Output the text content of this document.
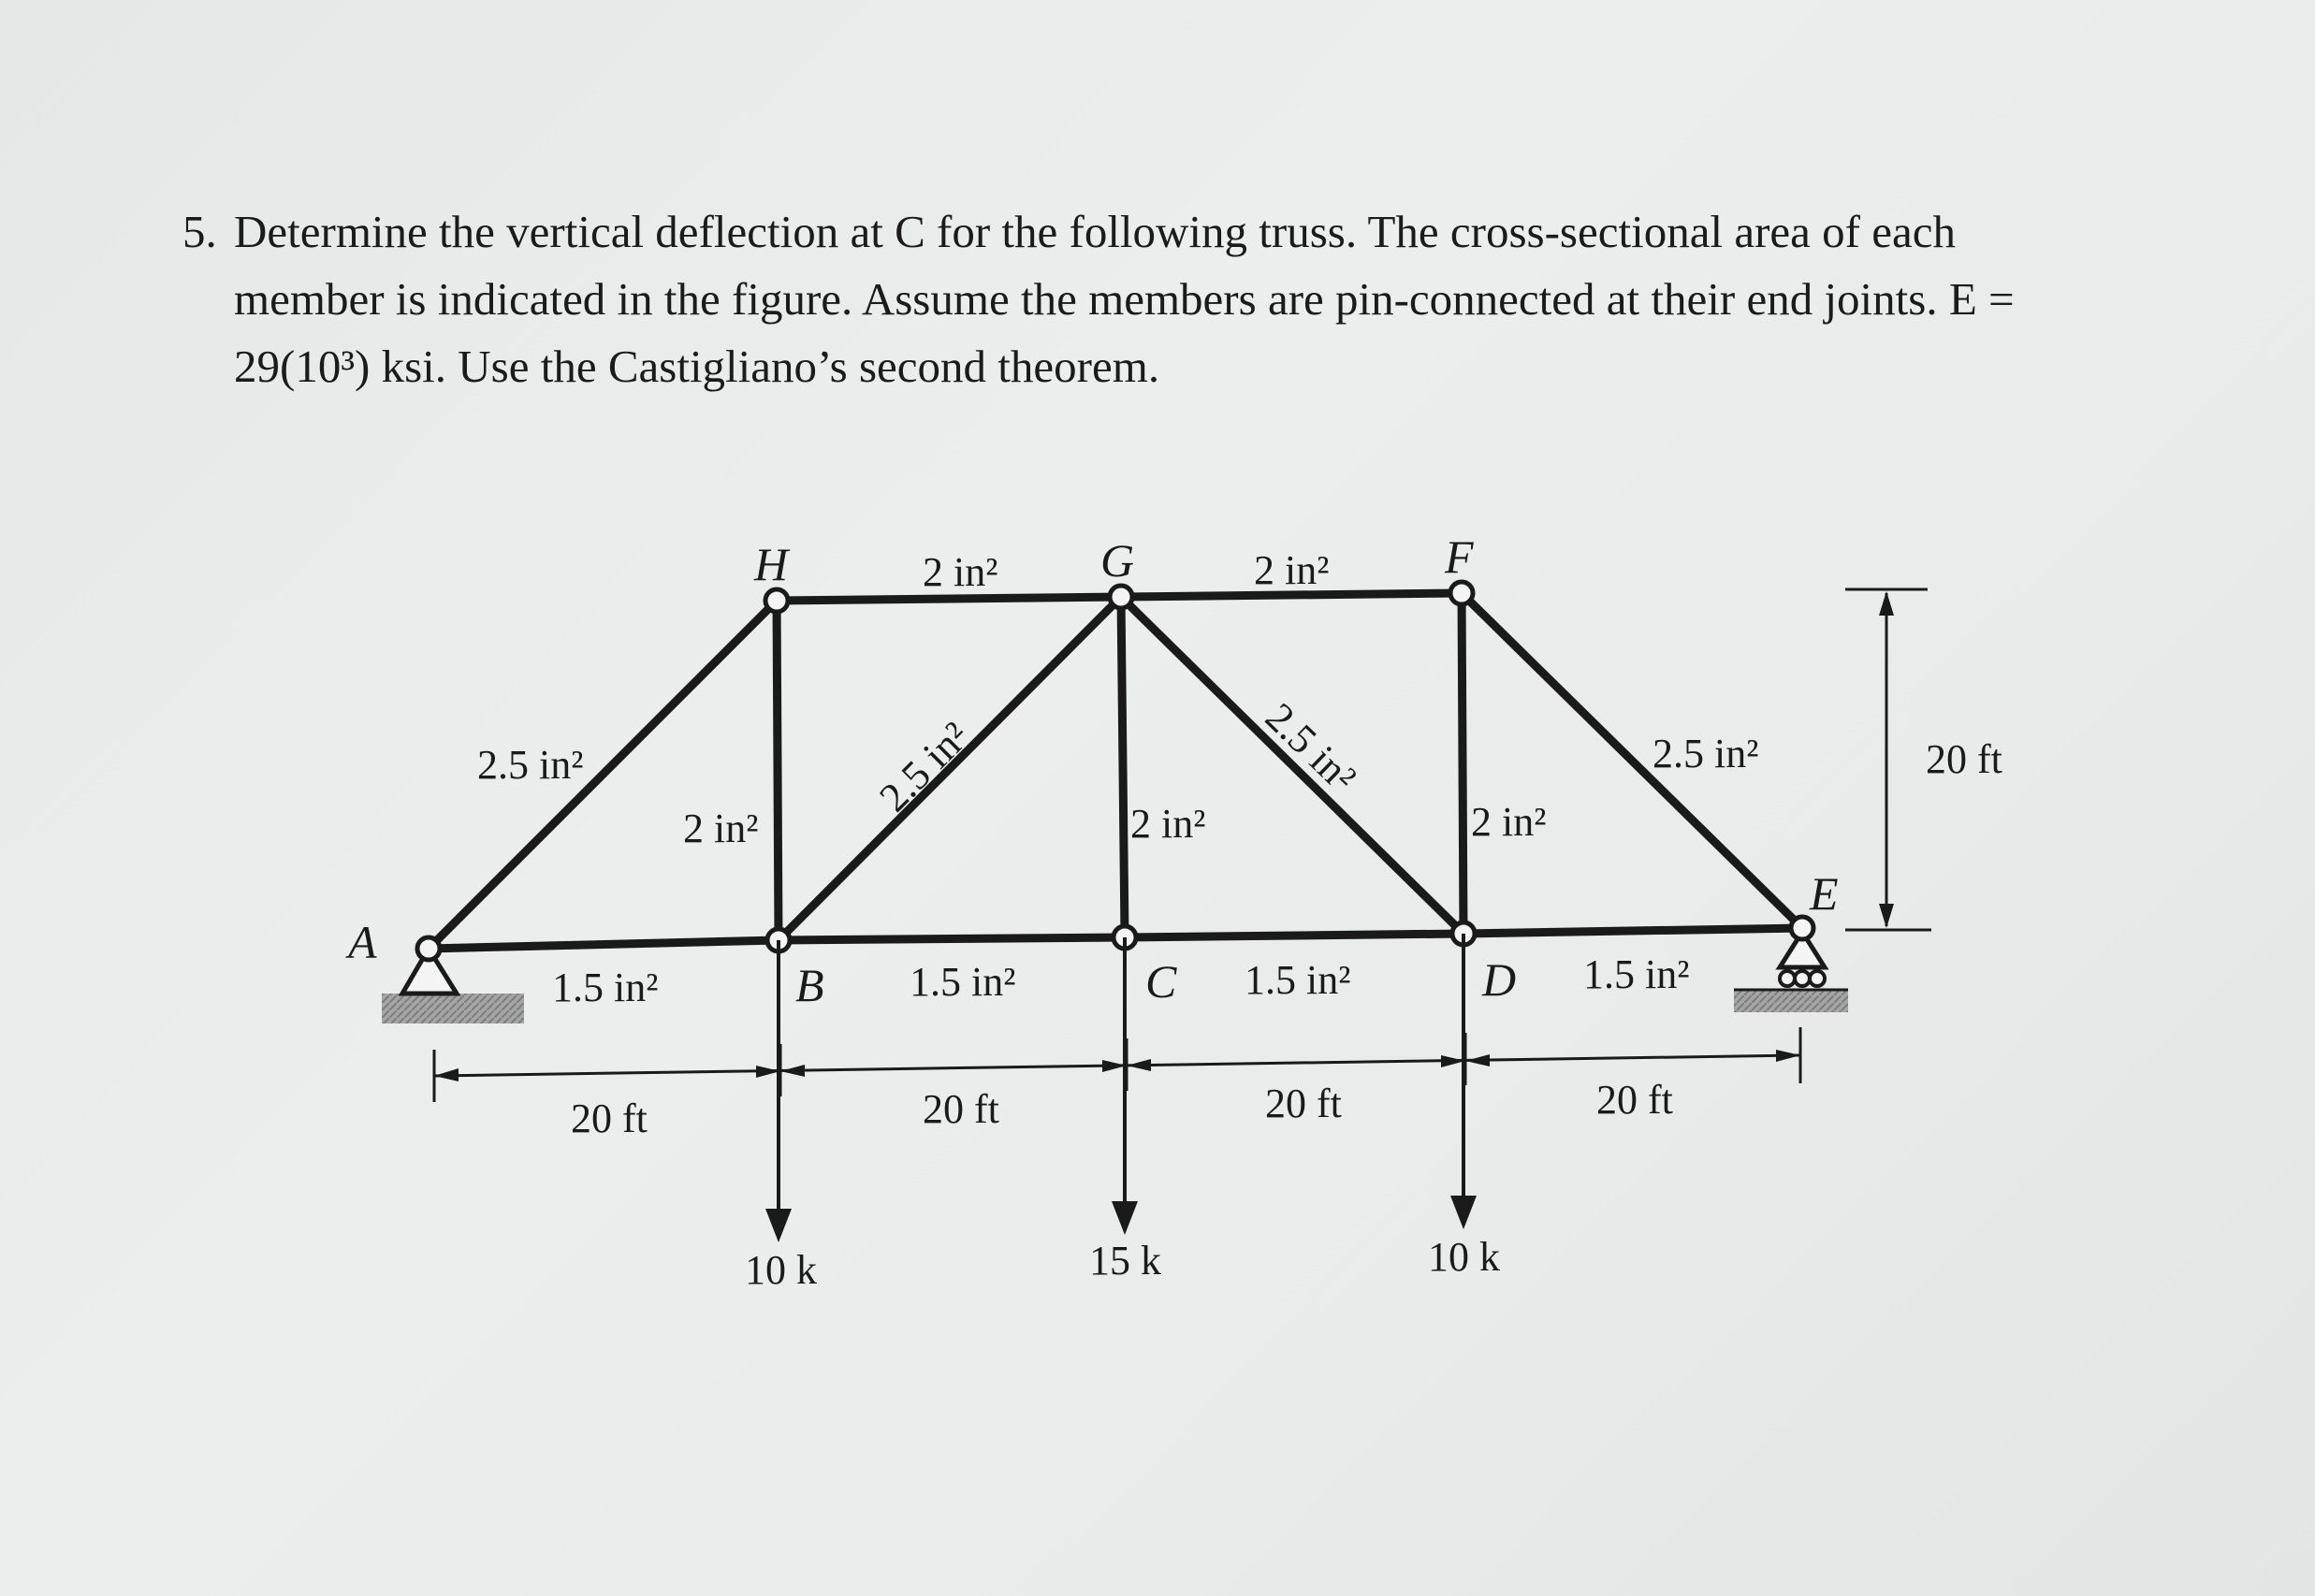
5. Determine the vertical deflection at C for the following truss. The cross-sectional area of each
member is indicated in the figure. Assume the members are pin-connected at their end joints. E =
29(10³) ksi. Use the Castigliano’s second theorem.
A
B	C	D
E
F
G
H
2.5 in²
2 in²	2 in²
2 in²
2.5 in²
2 in²
2.5 in²
2 in²
2.5 in²
1.5 in²	1.5 in²	1.5 in²	1.5 in²
20 ft	20 ft	20 ft	20 ft
20 ft
10 k	15 k	10 k
